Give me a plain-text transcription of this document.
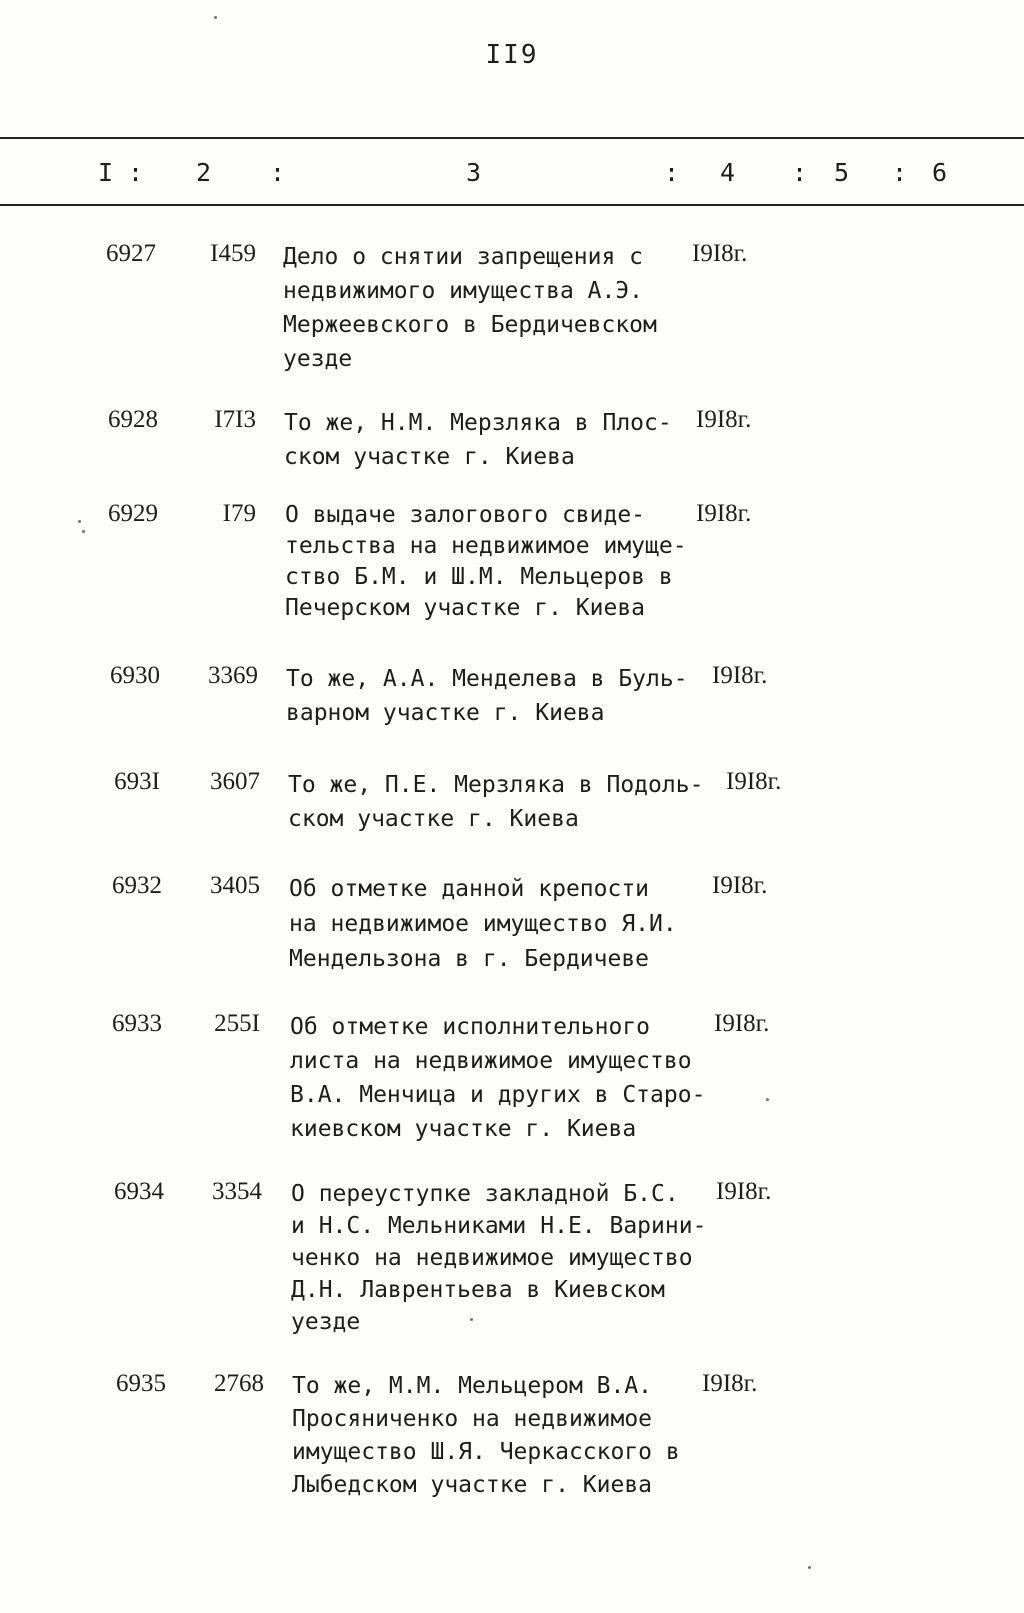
II9
I : 2 :	3	: 4 : 5 : 6
6927	I459 Дело о снятии запрещения с
недвижимого имущества А.Э.
Мержеевского в Бердичевском
уезде
I9I8г.
6928	I7I3 То же, Н.М. Мерзляка в Плос-
ском участке г. Киева
I9I8г.
6929	I79 О выдаче залогового свиде-
тельства на недвижимое имуще-
ство Б.М. и Ш.М. Мельцеров в
Печерском участке г. Киева
I9I8г.
6930	3369 То же, А.А. Менделева в Буль-
варном участке г. Киева
I9I8г.
693I	3607 То же, П.Е. Мерзляка в Подоль-
ском участке г. Киева
I9I8г.
6932	3405 Об отметке данной крепости
на недвижимое имущество Я.И.
Мендельзона в г. Бердичеве
I9I8г.
6933	255I Об отметке исполнительного
листа на недвижимое имущество
В.А. Менчица и других в Старо-
киевском участке г. Киева
I9I8г.
6934	3354 О переуступке закладной Б.С.
и Н.С. Мельниками Н.Е. Варини-
ченко на недвижимое имущество
Д.Н. Лаврентьева в Киевском
уезде
I9I8г.
6935	2768 То же, М.М. Мельцером В.А.
Просяниченко на недвижимое
имущество Ш.Я. Черкасского в
Лыбедском участке г. Киева
I9I8г.
